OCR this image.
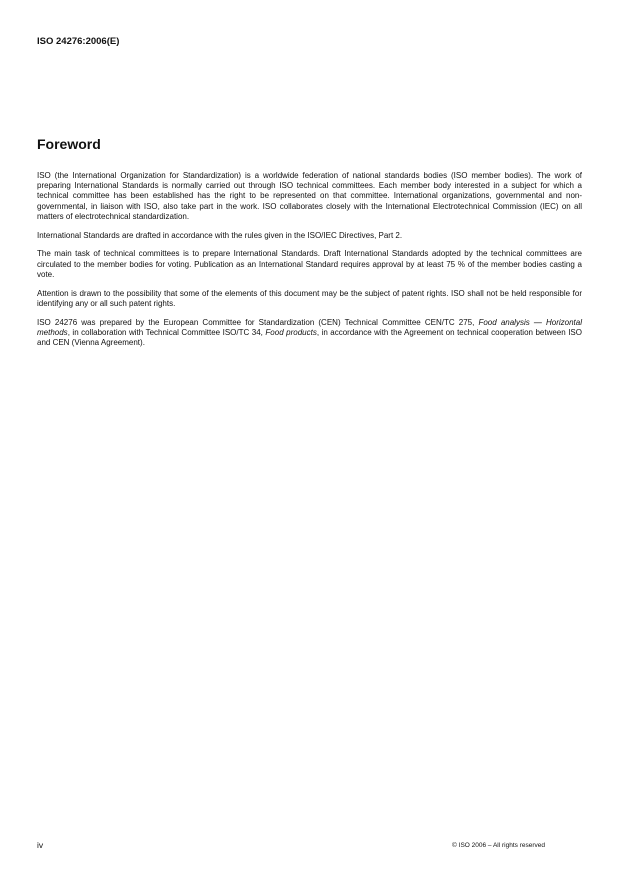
ISO 24276:2006(E)
Foreword

ISO (the International Organization for Standardization) is a worldwide federation of national standards bodies (ISO member bodies). The work of preparing International Standards is normally carried out through ISO technical committees. Each member body interested in a subject for which a technical committee has been established has the right to be represented on that committee. International organizations, governmental and non-governmental, in liaison with ISO, also take part in the work. ISO collaborates closely with the International Electrotechnical Commission (IEC) on all matters of electrotechnical standardization.

International Standards are drafted in accordance with the rules given in the ISO/IEC Directives, Part 2.

The main task of technical committees is to prepare International Standards. Draft International Standards adopted by the technical committees are circulated to the member bodies for voting. Publication as an International Standard requires approval by at least 75 % of the member bodies casting a vote.

Attention is drawn to the possibility that some of the elements of this document may be the subject of patent rights. ISO shall not be held responsible for identifying any or all such patent rights.

ISO 24276 was prepared by the European Committee for Standardization (CEN) Technical Committee CEN/TC 275, Food analysis — Horizontal methods, in collaboration with Technical Committee ISO/TC 34, Food products, in accordance with the Agreement on technical cooperation between ISO and CEN (Vienna Agreement).

iv	© ISO 2006 – All rights reserved
